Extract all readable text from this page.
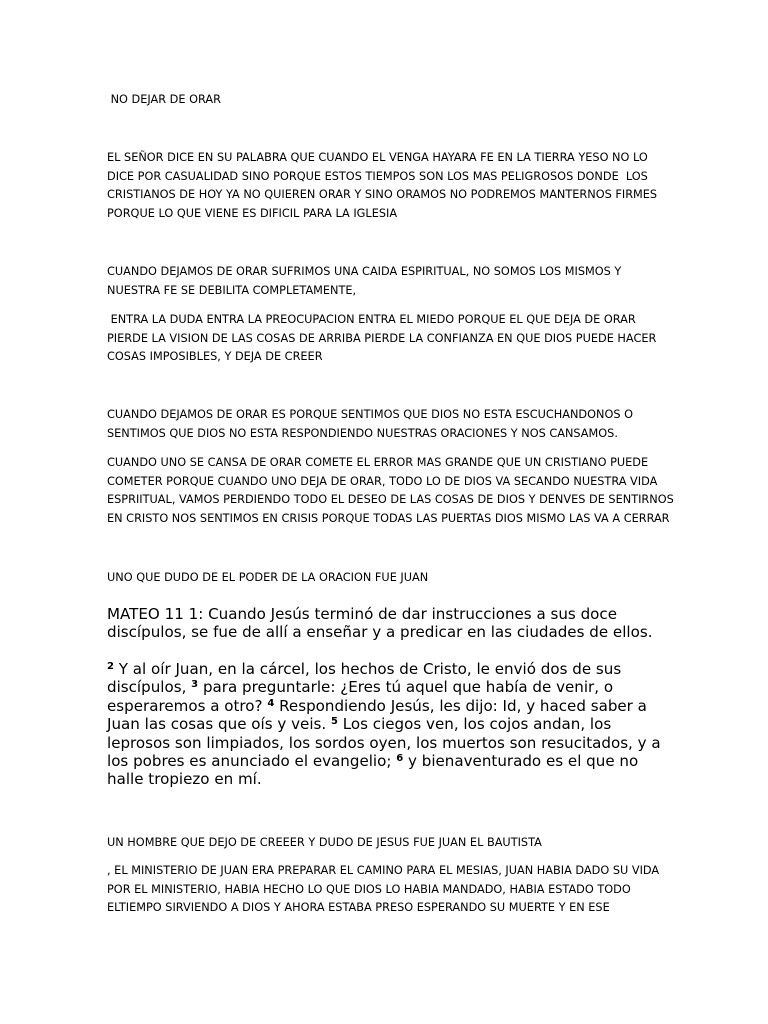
NO DEJAR DE ORAR

EL SEÑOR DICE EN SU PALABRA QUE CUANDO EL VENGA HAYARA FE EN LA TIERRA YESO NO LO
DICE POR CASUALIDAD SINO PORQUE ESTOS TIEMPOS SON LOS MAS PELIGROSOS DONDE  LOS
CRISTIANOS DE HOY YA NO QUIEREN ORAR Y SINO ORAMOS NO PODREMOS MANTERNOS FIRMES
PORQUE LO QUE VIENE ES DIFICIL PARA LA IGLESIA

CUANDO DEJAMOS DE ORAR SUFRIMOS UNA CAIDA ESPIRITUAL, NO SOMOS LOS MISMOS Y
NUESTRA FE SE DEBILITA COMPLETAMENTE,

ENTRA LA DUDA ENTRA LA PREOCUPACION ENTRA EL MIEDO PORQUE EL QUE DEJA DE ORAR
PIERDE LA VISION DE LAS COSAS DE ARRIBA PIERDE LA CONFIANZA EN QUE DIOS PUEDE HACER
COSAS IMPOSIBLES, Y DEJA DE CREER

CUANDO DEJAMOS DE ORAR ES PORQUE SENTIMOS QUE DIOS NO ESTA ESCUCHANDONOS O
SENTIMOS QUE DIOS NO ESTA RESPONDIENDO NUESTRAS ORACIONES Y NOS CANSAMOS.

CUANDO UNO SE CANSA DE ORAR COMETE EL ERROR MAS GRANDE QUE UN CRISTIANO PUEDE
COMETER PORQUE CUANDO UNO DEJA DE ORAR, TODO LO DE DIOS VA SECANDO NUESTRA VIDA
ESPRIITUAL, VAMOS PERDIENDO TODO EL DESEO DE LAS COSAS DE DIOS Y DENVES DE SENTIRNOS
EN CRISTO NOS SENTIMOS EN CRISIS PORQUE TODAS LAS PUERTAS DIOS MISMO LAS VA A CERRAR

UNO QUE DUDO DE EL PODER DE LA ORACION FUE JUAN

MATEO 11 1: Cuando Jesús terminó de dar instrucciones a sus doce
discípulos, se fue de allí a enseñar y a predicar en las ciudades de ellos.

$^2$ Y al oír Juan, en la cárcel, los hechos de Cristo, le envió dos de sus
discípulos, $^3$ para preguntarle: ¿Eres tú aquel que había de venir, o
esperaremos a otro? $^4$ Respondiendo Jesús, les dijo: Id, y haced saber a
Juan las cosas que oís y veis. $^5$ Los ciegos ven, los cojos andan, los
leprosos son limpiados, los sordos oyen, los muertos son resucitados, y a
los pobres es anunciado el evangelio; $^6$ y bienaventurado es el que no
halle tropiezo en mí.

UN HOMBRE QUE DEJO DE CREEER Y DUDO DE JESUS FUE JUAN EL BAUTISTA

, EL MINISTERIO DE JUAN ERA PREPARAR EL CAMINO PARA EL MESIAS, JUAN HABIA DADO SU VIDA
POR EL MINISTERIO, HABIA HECHO LO QUE DIOS LO HABIA MANDADO, HABIA ESTADO TODO
ELTIEMPO SIRVIENDO A DIOS Y AHORA ESTABA PRESO ESPERANDO SU MUERTE Y EN ESE
